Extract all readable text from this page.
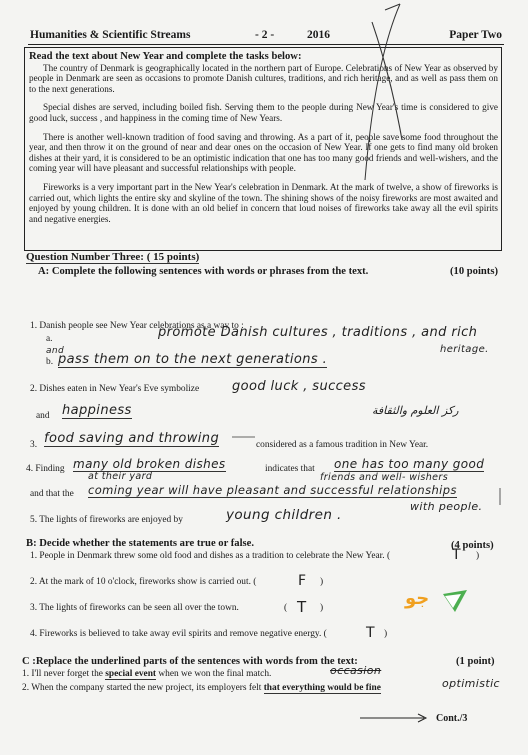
Humanities & Scientific Streams	- 2 -	2016	Paper Two
Read the text about New Year and complete the tasks below:

The country of Denmark is geographically located in the northern part of Europe. Celebrations of New Year as observed by people in Denmark are seen as occasions to promote Danish cultures, traditions, and rich heritage, and as well as pass them on to the next generations.

Special dishes are served, including boiled fish. Serving them to the people during New Year's time is considered to give good luck, success , and happiness in the coming time of New Years.

There is another well-known tradition of food saving and throwing. As a part of it, people save some food throughout the year, and then throw it on the ground of near and dear ones on the occasion of New Year. If one gets to find many old broken dishes at their yard, it is considered to be an optimistic indication that one has too many good friends and well-wishers, and the coming year will have pleasant and successful relationships with people.

Fireworks is a very important part in the New Year's celebration in Denmark. At the mark of twelve, a show of fireworks is carried out, which lights the entire sky and skyline of the town. The shining shows of the noisy fireworks are most awaited and enjoyed by young children. It is done with an old belief in concern that loud noises of fireworks take away all the evil spirits and negative energies.

Question Number Three: ( 15 points)
A: Complete the following sentences with words or phrases from the text.	(10 points)
1. Danish people see New Year celebrations as a way to :
a.	promote Danish cultures , traditions , and rich
heritage.
and
b. pass them on to the next generations .
2. Dishes eaten in New Year's Eve symbolize	good luck , success
and happiness	ركز العلوم والثقافة
3. food saving and throwing	considered as a famous tradition in New Year.
4. Finding many old broken dishes
at their yard
indicates that one has too many good
friends and well- wishers
and that the coming year will have pleasant and successful relationships
with people.
5. The lights of fireworks are enjoyed by	young children .
B: Decide whether the statements are true or false.	(4 points)
1. People in Denmark threw some old food and dishes as a tradition to celebrate the New Year. (	T )
2. At the mark of 10 o'clock, fireworks show is carried out. (	F )
3. The lights of fireworks can be seen all over the town.	( T )
4. Fireworks is believed to take away evil spirits and remove negative energy. (	T )
C :Replace the underlined parts of the sentences with words from the text:	(1 point)
1. I'll never forget the special event when we won the final match.	occasion
2. When the company started the new project, its employers felt that everything would be fine	optimistic
Cont./3
جو
